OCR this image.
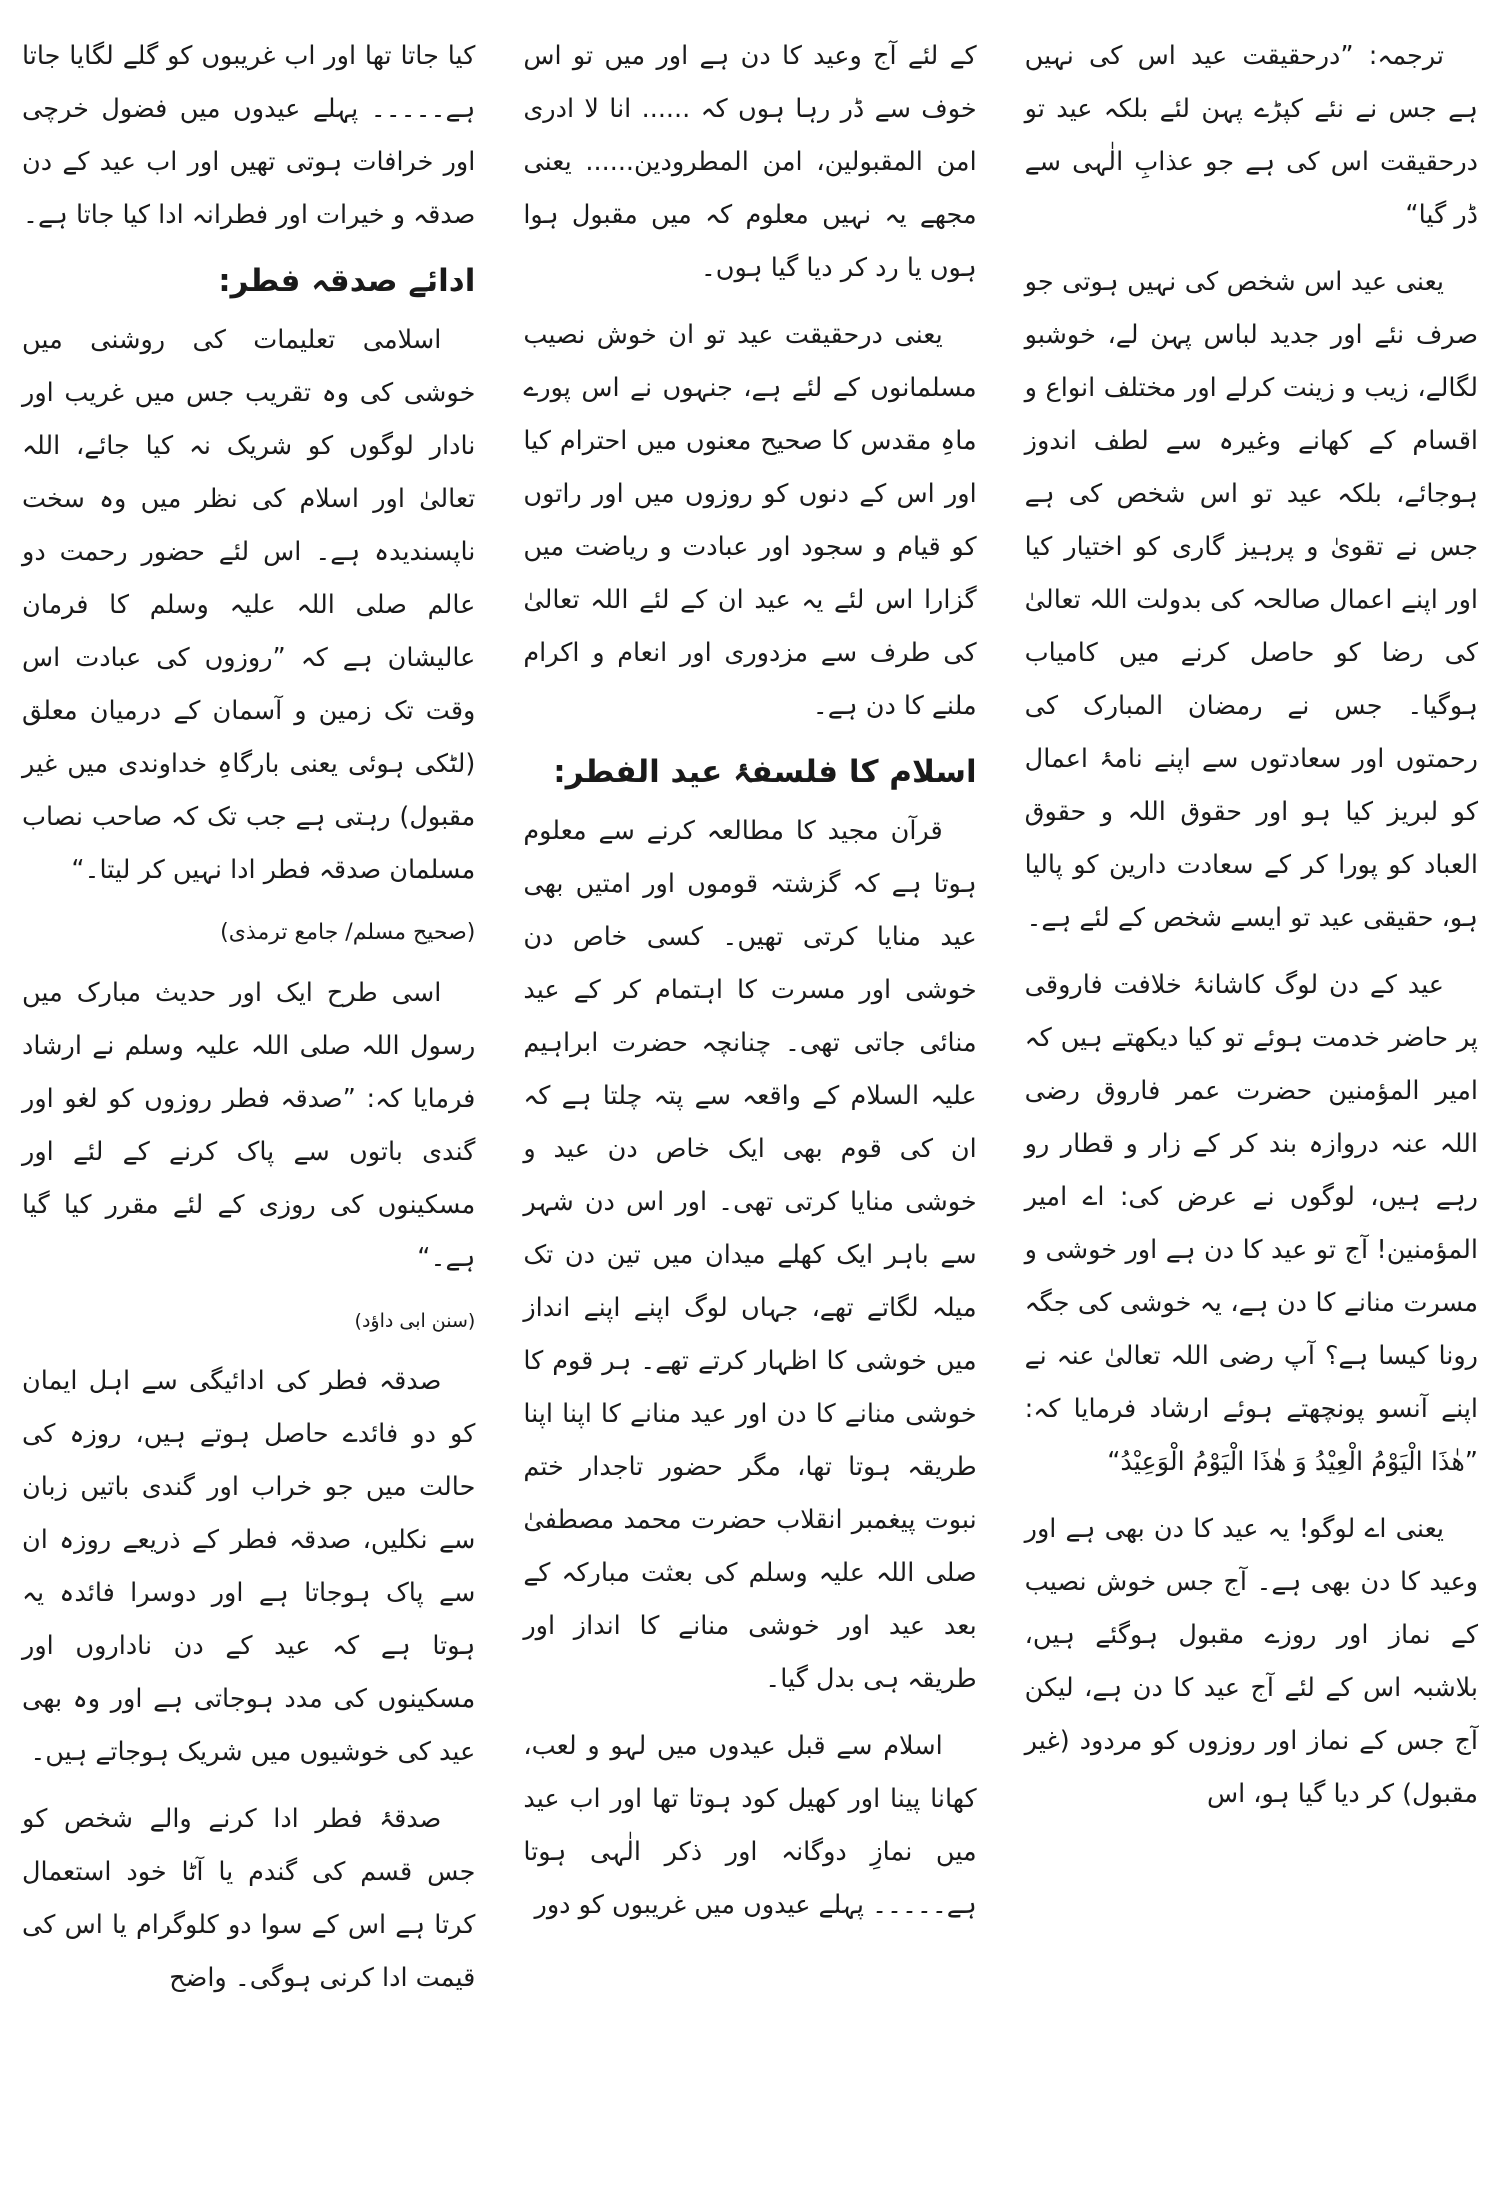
ترجمہ: ”درحقیقت عید اس کی نہیں ہے جس نے نئے کپڑے پہن لئے بلکہ عید تو درحقیقت اس کی ہے جو عذابِ الٰہی سے ڈر گیا“

یعنی عید اس شخص کی نہیں ہوتی جو صرف نئے اور جدید لباس پہن لے، خوشبو لگالے، زیب و زینت کرلے اور مختلف انواع و اقسام کے کھانے وغیرہ سے لطف اندوز ہوجائے، بلکہ عید تو اس شخص کی ہے جس نے تقویٰ و پرہیز گاری کو اختیار کیا اور اپنے اعمال صالحہ کی بدولت اللہ تعالیٰ کی رضا کو حاصل کرنے میں کامیاب ہوگیا۔ جس نے رمضان المبارک کی رحمتوں اور سعادتوں سے اپنے نامۂ اعمال کو لبریز کیا ہو اور حقوق اللہ و حقوق العباد کو پورا کر کے سعادت دارین کو پالیا ہو، حقیقی عید تو ایسے شخص کے لئے ہے۔

عید کے دن لوگ کاشانۂ خلافت فاروقی پر حاضر خدمت ہوئے تو کیا دیکھتے ہیں کہ امیر المؤمنین حضرت عمر فاروق رضی اللہ عنہ دروازہ بند کر کے زار و قطار رو رہے ہیں، لوگوں نے عرض کی: اے امیر المؤمنین! آج تو عید کا دن ہے اور خوشی و مسرت منانے کا دن ہے، یہ خوشی کی جگہ رونا کیسا ہے؟ آپ رضی اللہ تعالیٰ عنہ نے اپنے آنسو پونچھتے ہوئے ارشاد فرمایا کہ: ”ھٰذَا الْیَوْمُ الْعِیْدُ وَ ھٰذَا الْیَوْمُ الْوَعِیْدُ“

یعنی اے لوگو! یہ عید کا دن بھی ہے اور وعید کا دن بھی ہے۔ آج جس خوش نصیب کے نماز اور روزے مقبول ہوگئے ہیں، بلاشبہ اس کے لئے آج عید کا دن ہے، لیکن آج جس کے نماز اور روزوں کو مردود (غیر مقبول) کر دیا گیا ہو، اس

کے لئے آج وعید کا دن ہے اور میں تو اس خوف سے ڈر رہا ہوں کہ ...... انا لا ادری امن المقبولین، امن المطرودین...... یعنی مجھے یہ نہیں معلوم کہ میں مقبول ہوا ہوں یا رد کر دیا گیا ہوں۔

یعنی درحقیقت عید تو ان خوش نصیب مسلمانوں کے لئے ہے، جنہوں نے اس پورے ماہِ مقدس کا صحیح معنوں میں احترام کیا اور اس کے دنوں کو روزوں میں اور راتوں کو قیام و سجود اور عبادت و ریاضت میں گزارا اس لئے یہ عید ان کے لئے اللہ تعالیٰ کی طرف سے مزدوری اور انعام و اکرام ملنے کا دن ہے۔

اسلام کا فلسفۂ عید الفطر:

قرآن مجید کا مطالعہ کرنے سے معلوم ہوتا ہے کہ گزشتہ قوموں اور امتیں بھی عید منایا کرتی تھیں۔ کسی خاص دن خوشی اور مسرت کا اہتمام کر کے عید منائی جاتی تھی۔ چنانچہ حضرت ابراہیم علیہ السلام کے واقعہ سے پتہ چلتا ہے کہ ان کی قوم بھی ایک خاص دن عید و خوشی منایا کرتی تھی۔ اور اس دن شہر سے باہر ایک کھلے میدان میں تین دن تک میلہ لگاتے تھے، جہاں لوگ اپنے اپنے انداز میں خوشی کا اظہار کرتے تھے۔ ہر قوم کا خوشی منانے کا دن اور عید منانے کا اپنا اپنا طریقہ ہوتا تھا، مگر حضور تاجدار ختم نبوت پیغمبر انقلاب حضرت محمد مصطفیٰ صلی اللہ علیہ وسلم کی بعثت مبارکہ کے بعد عید اور خوشی منانے کا انداز اور طریقہ ہی بدل گیا۔

اسلام سے قبل عیدوں میں لہو و لعب، کھانا پینا اور کھیل کود ہوتا تھا اور اب عید میں نمازِ دوگانہ اور ذکر الٰہی ہوتا ہے۔۔۔۔۔ پہلے عیدوں میں غریبوں کو دور

کیا جاتا تھا اور اب غریبوں کو گلے لگایا جاتا ہے۔۔۔۔۔ پہلے عیدوں میں فضول خرچی اور خرافات ہوتی تھیں اور اب عید کے دن صدقہ و خیرات اور فطرانہ ادا کیا جاتا ہے۔

ادائے صدقہ فطر:

اسلامی تعلیمات کی روشنی میں خوشی کی وہ تقریب جس میں غریب اور نادار لوگوں کو شریک نہ کیا جائے، اللہ تعالیٰ اور اسلام کی نظر میں وہ سخت ناپسندیدہ ہے۔ اس لئے حضور رحمت دو عالم صلی اللہ علیہ وسلم کا فرمان عالیشان ہے کہ ”روزوں کی عبادت اس وقت تک زمین و آسمان کے درمیان معلق (لٹکی ہوئی یعنی بارگاہِ خداوندی میں غیر مقبول) رہتی ہے جب تک کہ صاحب نصاب مسلمان صدقہ فطر ادا نہیں کر لیتا۔“

(صحیح مسلم/ جامع ترمذی)

اسی طرح ایک اور حدیث مبارک میں رسول اللہ صلی اللہ علیہ وسلم نے ارشاد فرمایا کہ: ”صدقہ فطر روزوں کو لغو اور گندی باتوں سے پاک کرنے کے لئے اور مسکینوں کی روزی کے لئے مقرر کیا گیا ہے۔“

(سنن ابی داؤد)

صدقہ فطر کی ادائیگی سے اہل ایمان کو دو فائدے حاصل ہوتے ہیں، روزہ کی حالت میں جو خراب اور گندی باتیں زبان سے نکلیں، صدقہ فطر کے ذریعے روزہ ان سے پاک ہوجاتا ہے اور دوسرا فائدہ یہ ہوتا ہے کہ عید کے دن ناداروں اور مسکینوں کی مدد ہوجاتی ہے اور وہ بھی عید کی خوشیوں میں شریک ہوجاتے ہیں۔

صدقۂ فطر ادا کرنے والے شخص کو جس قسم کی گندم یا آٹا خود استعمال کرتا ہے اس کے سوا دو کلوگرام یا اس کی قیمت ادا کرنی ہوگی۔ واضح
